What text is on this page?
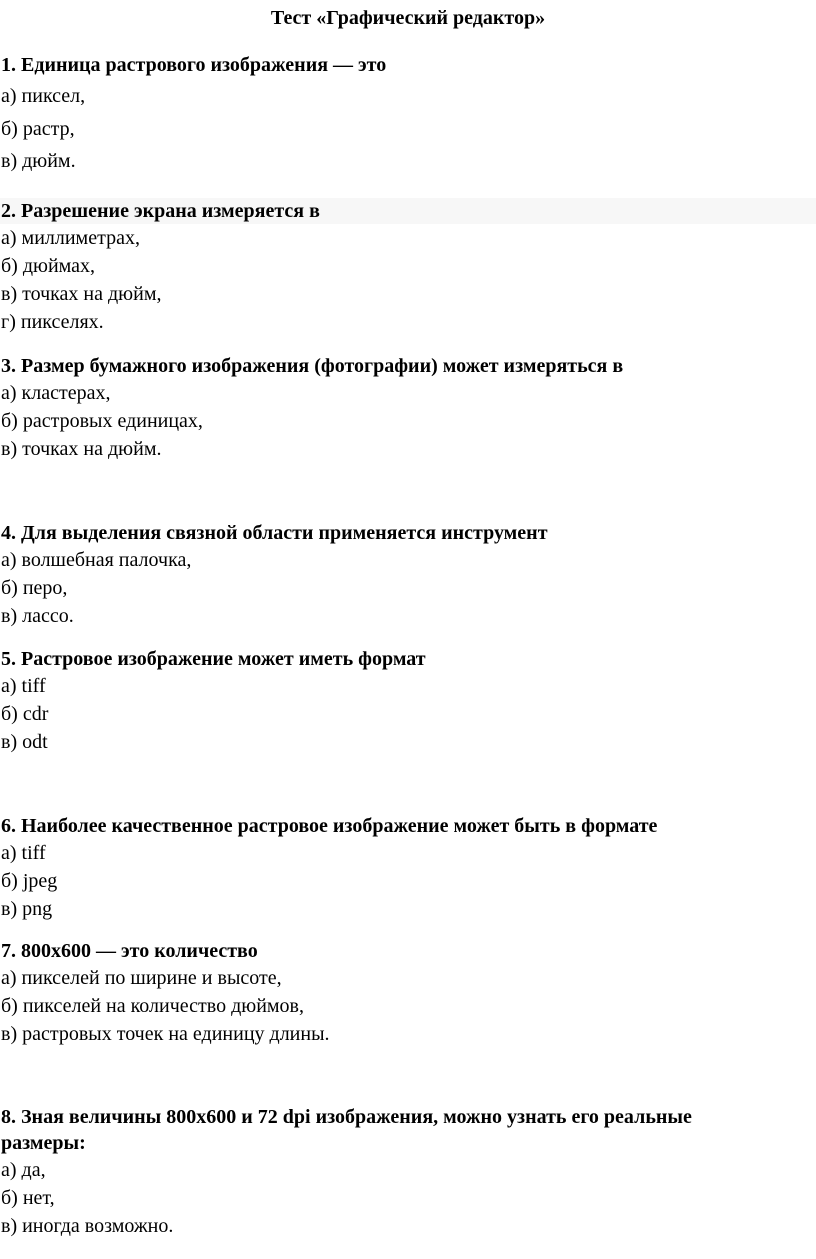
Тест «Графический редактор»
1. Единица растрового изображения — это
а) пиксел,
б) растр,
в) дюйм.
2. Разрешение экрана измеряется в
а) миллиметрах,
б) дюймах,
в) точках на дюйм,
г) пикселях.
3. Размер бумажного изображения (фотографии) может измеряться в
а) кластерах,
б) растровых единицах,
в) точках на дюйм.
4. Для выделения связной области применяется инструмент
а) волшебная палочка,
б) перо,
в) лассо.
5. Растровое изображение может иметь формат
а) tiff
б) cdr
в) odt
6. Наиболее качественное растровое изображение может быть в формате
а) tiff
б) jpeg
в) png
7. 800x600 — это количество
а) пикселей по ширине и высоте,
б) пикселей на количество дюймов,
в) растровых точек на единицу длины.
8. Зная величины 800x600 и 72 dpi изображения, можно узнать его реальные размеры:
а) да,
б) нет,
в) иногда возможно.
